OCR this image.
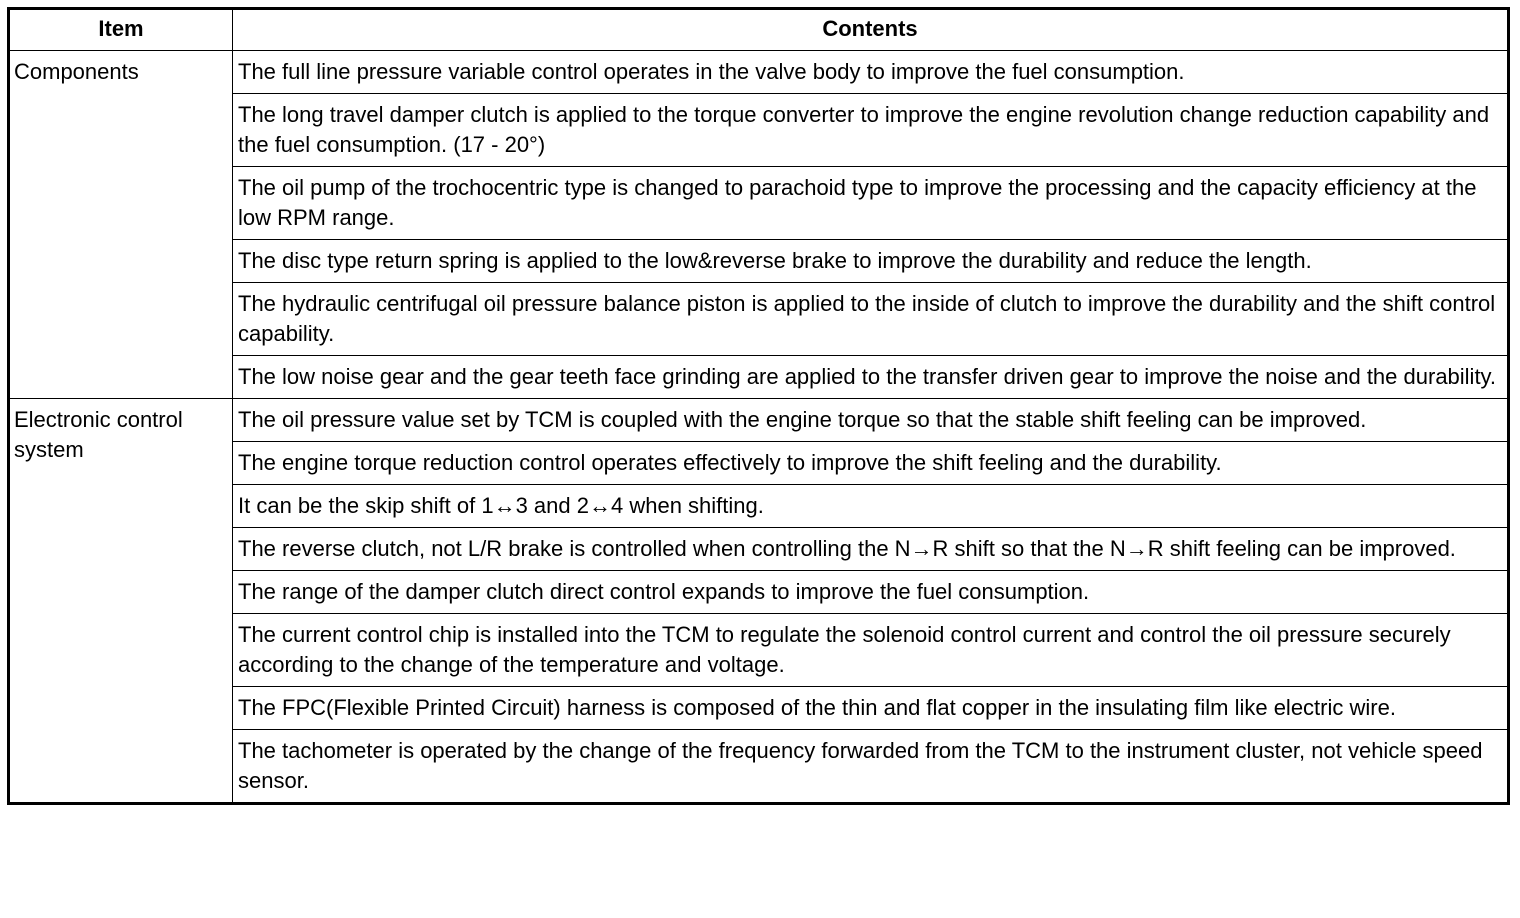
Item	Contents
Components	The full line pressure variable control operates in the valve body to improve the fuel consumption.
	The long travel damper clutch is applied to the torque converter to improve the engine revolution change reduction capability and the fuel consumption. (17 - 20°)
	The oil pump of the trochocentric type is changed to parachoid type to improve the processing and the capacity efficiency at the low RPM range.
	The disc type return spring is applied to the low&reverse brake to improve the durability and reduce the length.
	The hydraulic centrifugal oil pressure balance piston is applied to the inside of clutch to improve the durability and the shift control capability.
	The low noise gear and the gear teeth face grinding are applied to the transfer driven gear to improve the noise and the durability.
Electronic control system	The oil pressure value set by TCM is coupled with the engine torque so that the stable shift feeling can be improved.
	The engine torque reduction control operates effectively to improve the shift feeling and the durability.
	It can be the skip shift of 1↔3 and 2↔4 when shifting.
	The reverse clutch, not L/R brake is controlled when controlling the N→R shift so that the N→R shift feeling can be improved.
	The range of the damper clutch direct control expands to improve the fuel consumption.
	The current control chip is installed into the TCM to regulate the solenoid control current and control the oil pressure securely according to the change of the temperature and voltage.
	The FPC(Flexible Printed Circuit) harness is composed of the thin and flat copper in the insulating film like electric wire.
	The tachometer is operated by the change of the frequency forwarded from the TCM to the instrument cluster, not vehicle speed sensor.
